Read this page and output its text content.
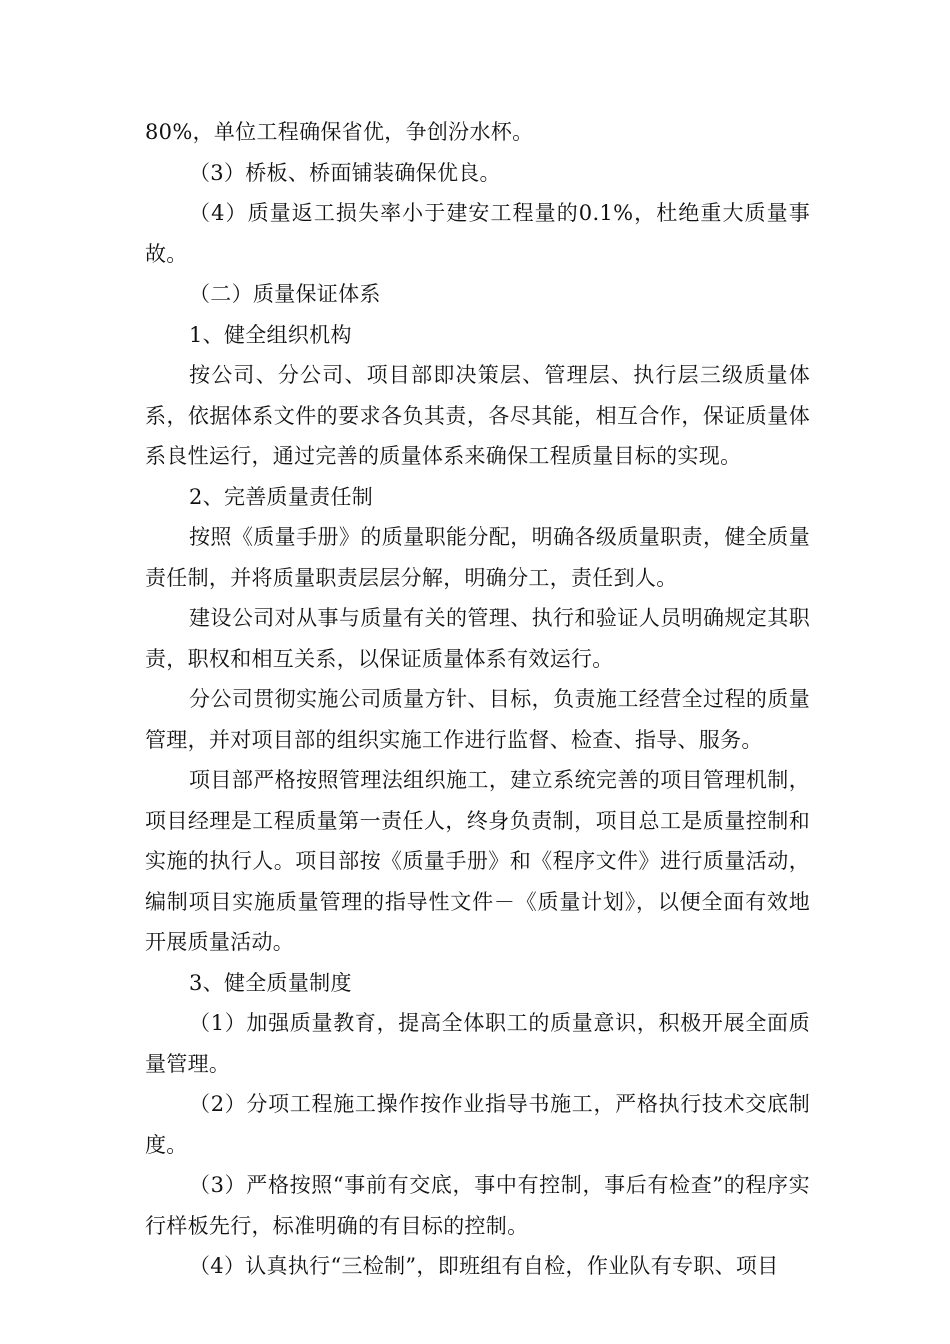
80%，单位工程确保省优，争创汾水杯。

（3）桥板、桥面铺装确保优良。

（4）质量返工损失率小于建安工程量的0.1%，杜绝重大质量事故。

（二）质量保证体系

1、健全组织机构

按公司、分公司、项目部即决策层、管理层、执行层三级质量体系，依据体系文件的要求各负其责，各尽其能，相互合作，保证质量体系良性运行，通过完善的质量体系来确保工程质量目标的实现。

2、完善质量责任制

按照《质量手册》的质量职能分配，明确各级质量职责，健全质量责任制，并将质量职责层层分解，明确分工，责任到人。

建设公司对从事与质量有关的管理、执行和验证人员明确规定其职责，职权和相互关系，以保证质量体系有效运行。

分公司贯彻实施公司质量方针、目标，负责施工经营全过程的质量管理，并对项目部的组织实施工作进行监督、检查、指导、服务。

项目部严格按照管理法组织施工，建立系统完善的项目管理机制，项目经理是工程质量第一责任人，终身负责制，项目总工是质量控制和实施的执行人。项目部按《质量手册》和《程序文件》进行质量活动，编制项目实施质量管理的指导性文件－《质量计划》，以便全面有效地开展质量活动。

3、健全质量制度

（1）加强质量教育，提高全体职工的质量意识，积极开展全面质量管理。

（2）分项工程施工操作按作业指导书施工，严格执行技术交底制度。

（3）严格按照“事前有交底，事中有控制，事后有检查”的程序实行样板先行，标准明确的有目标的控制。

（4）认真执行“三检制”，即班组有自检，作业队有专职、项目
